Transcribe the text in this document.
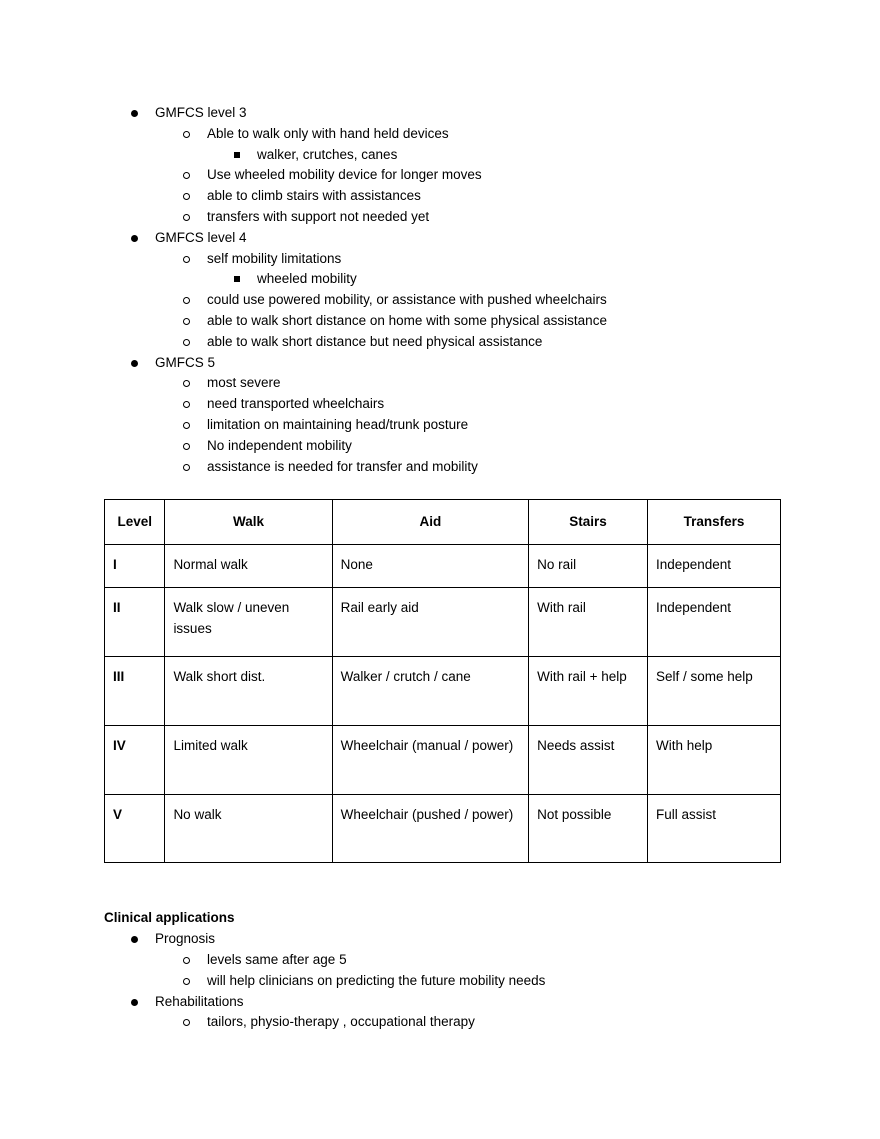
GMFCS level 3
Able to walk only with hand held devices
walker, crutches, canes
Use wheeled mobility device for longer moves
able to climb stairs with assistances
transfers with support not needed yet
GMFCS level 4
self mobility limitations
wheeled mobility
could use powered mobility, or assistance with pushed wheelchairs
able to walk short distance on home with some physical assistance
able to walk short distance but need physical assistance
GMFCS 5
most severe
need transported wheelchairs
limitation on maintaining head/trunk posture
No independent mobility
assistance is needed for transfer and mobility
Level	Walk	Aid	Stairs	Transfers
I	Normal walk	None	No rail	Independent
II	Walk slow / uneven issues	Rail early aid	With rail	Independent
III	Walk short dist.	Walker / crutch / cane	With rail + help	Self / some help
IV	Limited walk	Wheelchair (manual / power)	Needs assist	With help
V	No walk	Wheelchair (pushed / power)	Not possible	Full assist
Clinical applications
Prognosis
levels same after age 5
will help clinicians on predicting the future mobility needs
Rehabilitations
tailors, physio-therapy , occupational therapy
